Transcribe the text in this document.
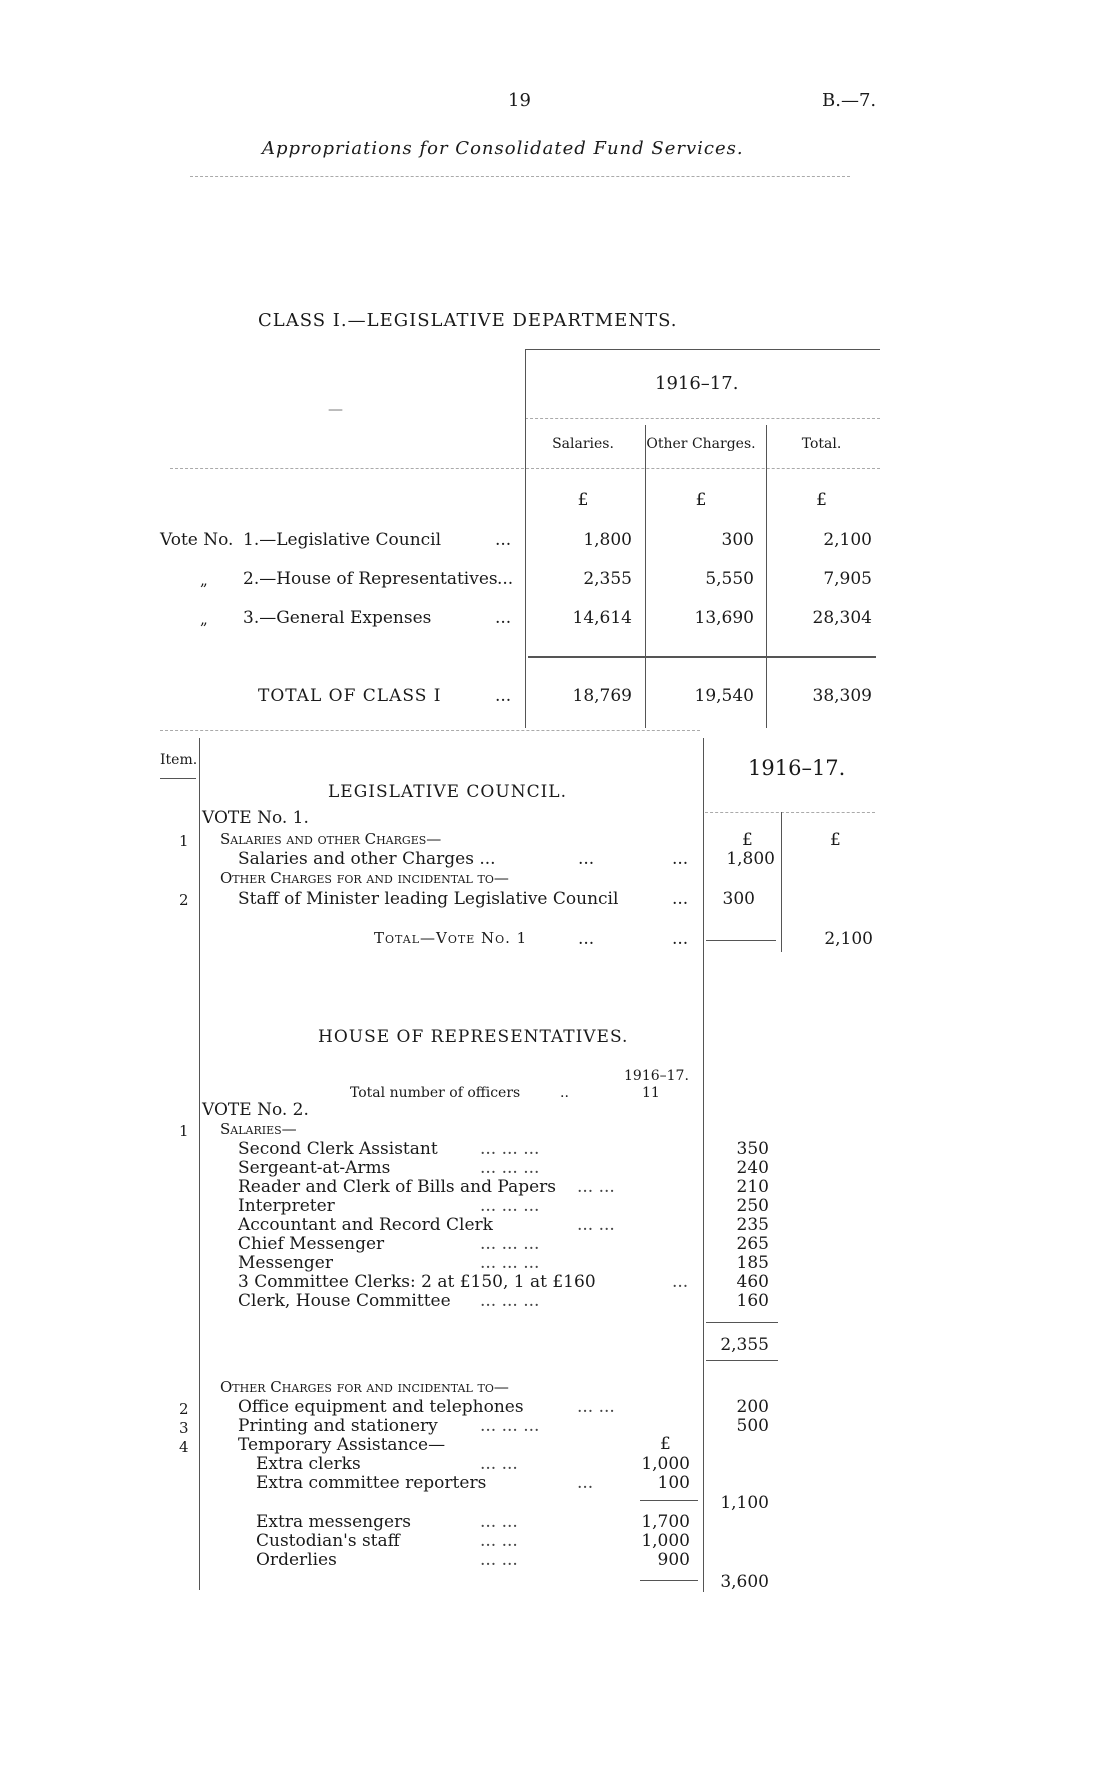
19	B.—7.
Appropriations for Consolidated Fund Services.
CLASS I.—LEGISLATIVE DEPARTMENTS.
1916–17.
—
Salaries.	Other Charges.	Total.
£	£	£
Vote No. 1.—Legislative Council	...	1,800	300	2,100
„ 2.—House of Representatives ...	2,355	5,550	7,905
„ 3.—General Expenses	...	14,614	13,690	28,304
TOTAL OF CLASS I	...	18,769	19,540	38,309
Item.	1916–17.
LEGISLATIVE COUNCIL.
VOTE No. 1.
1 Salaries and other Charges—	£	£
Salaries and other Charges ...	...	...	1,800
Other Charges for and incidental to—
2	Staff of Minister leading Legislative Council	...	300
Total—Vote No. 1	...	...	2,100
HOUSE OF REPRESENTATIVES.
1916–17.
Total number of officers	..	11
VOTE No. 2.
1 Salaries—
Second Clerk Assistant ... ... ...	350
Sergeant-at-Arms	... ... ...	240
Reader and Clerk of Bills and Papers ... ...	210
Interpreter	... ... ...	250
Accountant and Record Clerk	... ...	235
Chief Messenger	... ... ...	265
Messenger	... ... ...	185
3 Committee Clerks: 2 at £150, 1 at £160	...	460
Clerk, House Committee ... ... ...	160
2,355
Other Charges for and incidental to—
2	Office equipment and telephones	... ...	200
3	Printing and stationery ... ... ...	500
4	Temporary Assistance—	£
Extra clerks	... ...	1,000
Extra committee reporters	...	100
1,100
Extra messengers	... ...	1,700
Custodian's staff	... ...	1,000
Orderlies	... ...	900
3,600
